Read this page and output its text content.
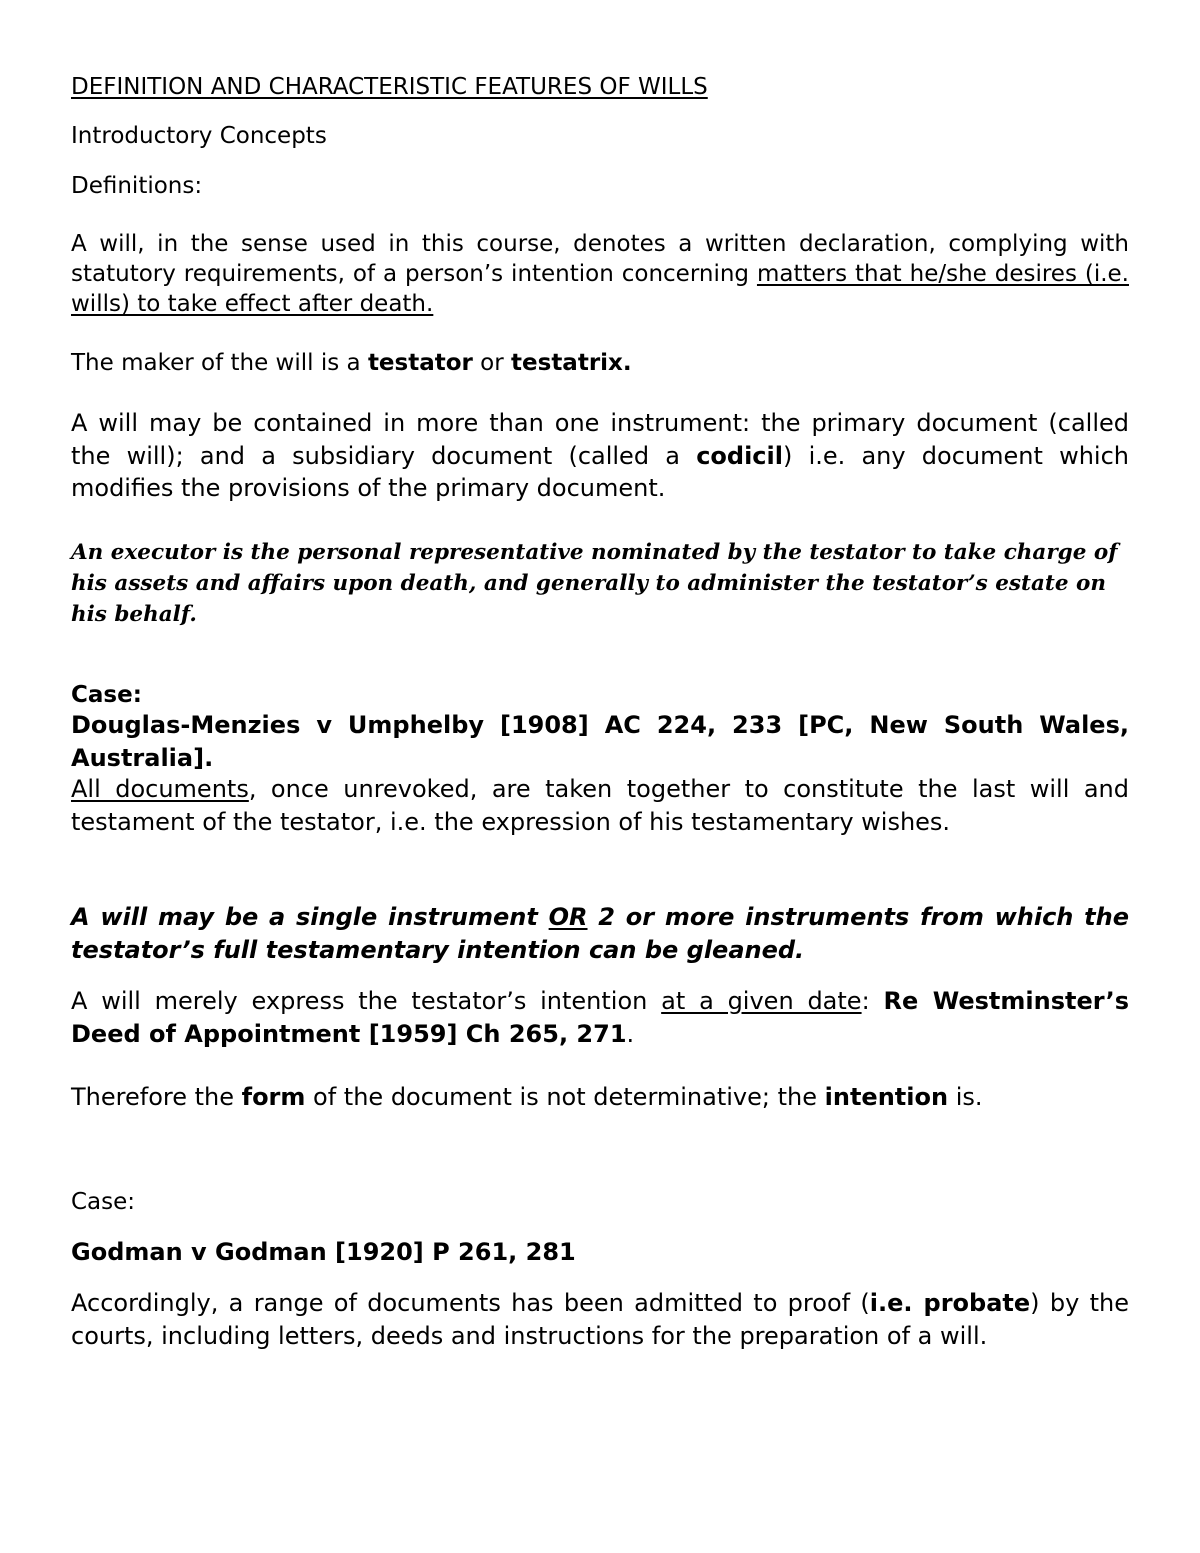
DEFINITION AND CHARACTERISTIC FEATURES OF WILLS

Introductory Concepts

Definitions:

A will, in the sense used in this course, denotes a written declaration, complying with statutory requirements, of a person’s intention concerning matters that he/she desires (i.e. wills) to take effect after death.

The maker of the will is a testator or testatrix.

A will may be contained in more than one instrument: the primary document (called the will); and a subsidiary document (called a codicil) i.e. any document which modifies the provisions of the primary document.

An executor is the personal representative nominated by the testator to take charge of his assets and affairs upon death, and generally to administer the testator’s estate on his behalf.

Case:

Douglas-Menzies v Umphelby [1908] AC 224, 233 [PC, New South Wales, Australia].

All documents, once unrevoked, are taken together to constitute the last will and testament of the testator, i.e. the expression of his testamentary wishes.

A will may be a single instrument OR 2 or more instruments from which the testator’s full testamentary intention can be gleaned.

A will merely express the testator’s intention at a given date: Re Westminster’s Deed of Appointment [1959] Ch 265, 271.

Therefore the form of the document is not determinative; the intention is.

Case:

Godman v Godman [1920] P 261, 281

Accordingly, a range of documents has been admitted to proof (i.e. probate) by the courts, including letters, deeds and instructions for the preparation of a will.
